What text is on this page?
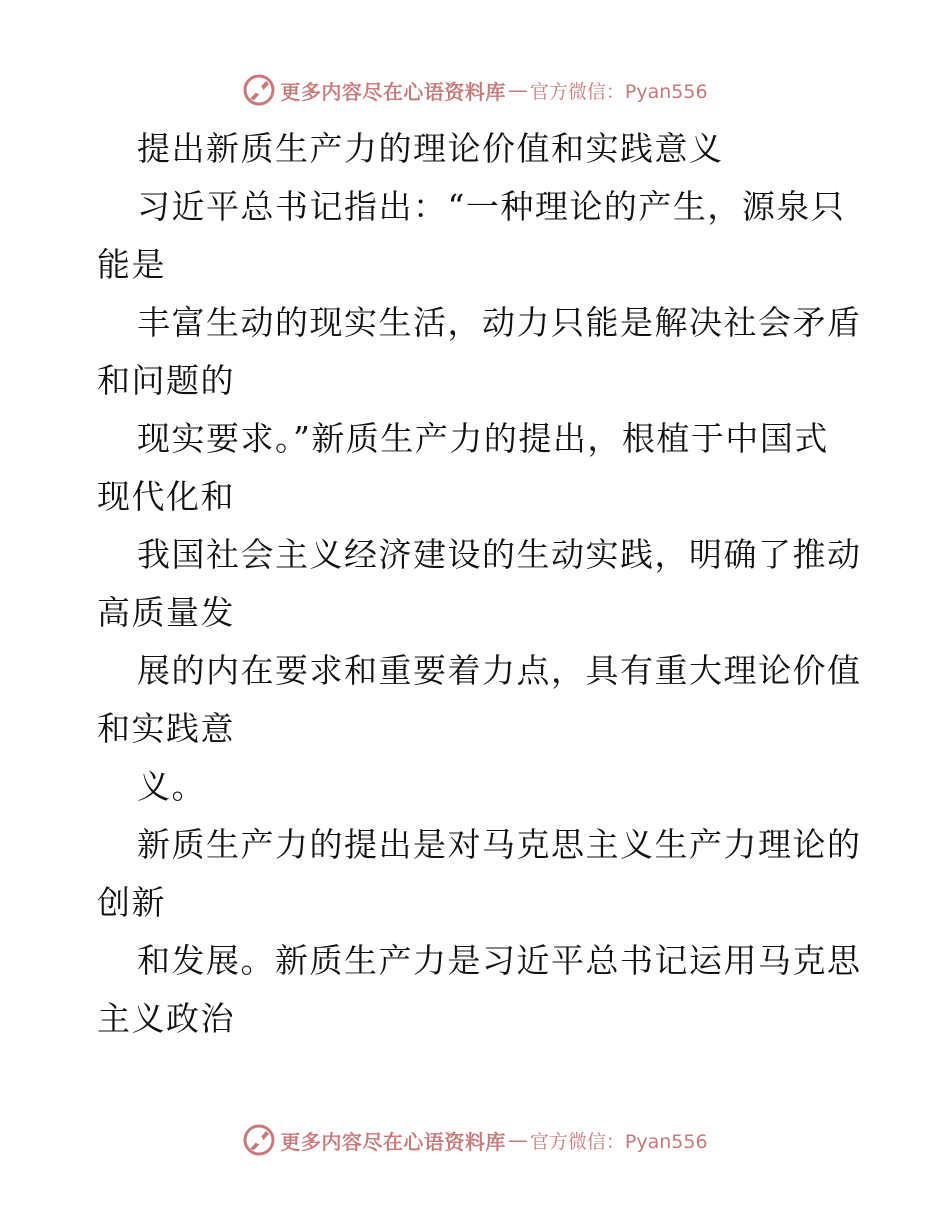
更多内容尽在心语资料库 — 官方微信：Pyan556
提出新质生产力的理论价值和实践意义
习近平总书记指出：“一种理论的产生，源泉只
能是
丰富生动的现实生活，动力只能是解决社会矛盾
和问题的
现实要求。”新质生产力的提出，根植于中国式
现代化和
我国社会主义经济建设的生动实践，明确了推动
高质量发
展的内在要求和重要着力点，具有重大理论价值
和实践意
义。
新质生产力的提出是对马克思主义生产力理论的
创新
和发展。新质生产力是习近平总书记运用马克思
主义政治
更多内容尽在心语资料库 — 官方微信：Pyan556
